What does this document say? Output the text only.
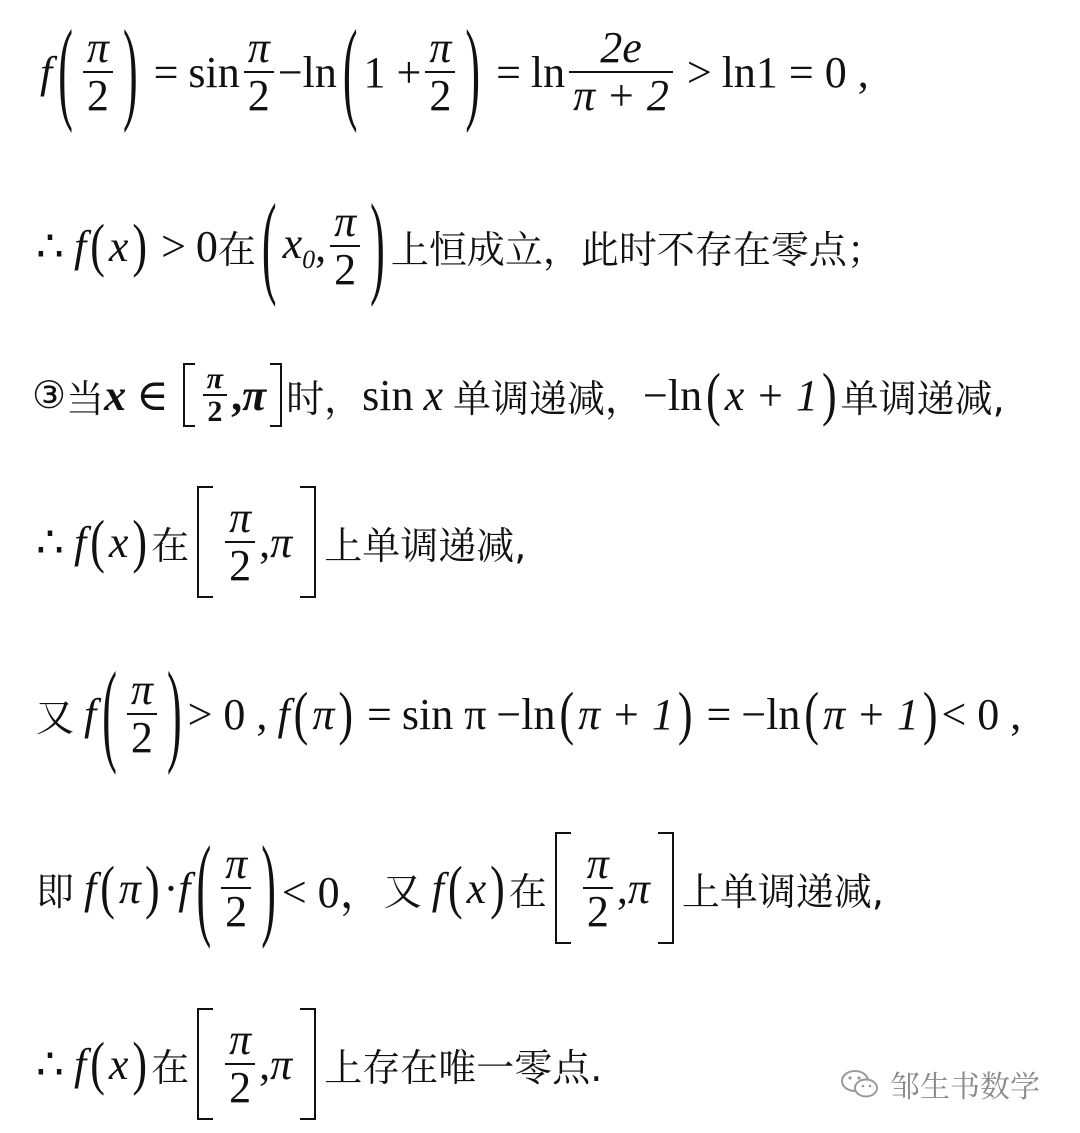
f ( $\frac{\pi}{2}$ ) = $\sin \frac{\pi}{2} - \ln$ ( $1 + \frac{\pi}{2}$ ) = $\ln \frac{2e}{\pi + 2} > \ln 1 = 0$ ,
∴ f ( x ) > 0 在 ( $x_0$ , $\frac{\pi}{2}$ ) 上恒成立，此时不存在零点；
③ 当 x ∈ $\frac{\pi}{2}$ , π 时， sin x 单调递减， − ln ( x + 1 ) 单调递减,
∴ f ( x ) 在 $\frac{\pi}{2}$ , π 上单调递减,
又 f ( $\frac{\pi}{2}$ ) > 0 , f ( π ) = sin π − ln ( π + 1 ) = − ln ( π + 1 ) < 0 ,
即 f ( π ) · f ( $\frac{\pi}{2}$ ) < 0， 又 f ( x ) 在 $\frac{\pi}{2}$ , π 上单调递减,
∴ f ( x ) 在 $\frac{\pi}{2}$ , π 上存在唯一零点.	邹生书数学
